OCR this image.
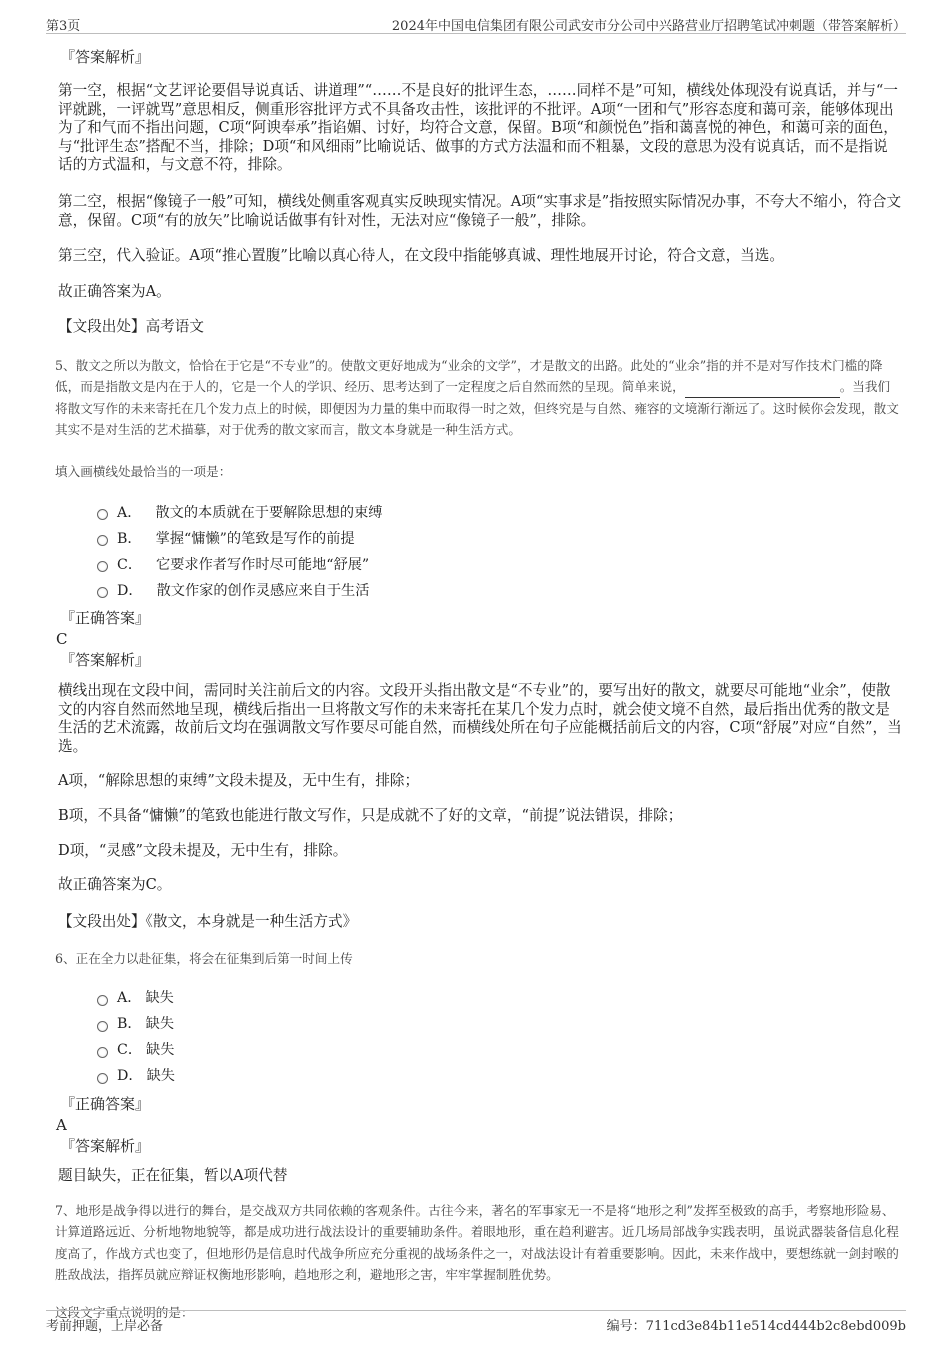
第3页	2024年中国电信集团有限公司武安市分公司中兴路营业厅招聘笔试冲刺题（带答案解析）
『答案解析』

第一空，根据“文艺评论要倡导说真话、讲道理”“……不是良好的批评生态，……同样不是”可知，横线处体现没有说真话，并与“一评就跳，一评就骂”意思相反，侧重形容批评方式不具备攻击性，该批评的不批评。A项“一团和气”形容态度和蔼可亲，能够体现出为了和气而不指出问题，C项“阿谀奉承”指谄媚、讨好，均符合文意，保留。B项“和颜悦色”指和蔼喜悦的神色，和蔼可亲的面色，与“批评生态”搭配不当，排除；D项“和风细雨”比喻说话、做事的方式方法温和而不粗暴，文段的意思为没有说真话，而不是指说话的方式温和，与文意不符，排除。

第二空，根据“像镜子一般”可知，横线处侧重客观真实反映现实情况。A项“实事求是”指按照实际情况办事，不夸大不缩小，符合文意，保留。C项“有的放矢”比喻说话做事有针对性，无法对应“像镜子一般”，排除。

第三空，代入验证。A项“推心置腹”比喻以真心待人，在文段中指能够真诚、理性地展开讨论，符合文意，当选。

故正确答案为A。

【文段出处】高考语文

5、散文之所以为散文，恰恰在于它是“不专业”的。使散文更好地成为“业余的文学”，才是散文的出路。此处的“业余”指的并不是对写作技术门槛的降低，而是指散文是内在于人的，它是一个人的学识、经历、思考达到了一定程度之后自然而然的呈现。简单来说，	。当我们将散文写作的未来寄托在几个发力点上的时候，即便因为力量的集中而取得一时之效，但终究是与自然、雍容的文境渐行渐远了。这时候你会发现，散文其实不是对生活的艺术描摹，对于优秀的散文家而言，散文本身就是一种生活方式。

填入画横线处最恰当的一项是：

A． 散文的本质就在于要解除思想的束缚
B． 掌握“慵懒”的笔致是写作的前提
C． 它要求作者写作时尽可能地“舒展”
D． 散文作家的创作灵感应来自于生活
『正确答案』
C
『答案解析』

横线出现在文段中间，需同时关注前后文的内容。文段开头指出散文是“不专业”的，要写出好的散文，就要尽可能地“业余”，使散文的内容自然而然地呈现，横线后指出一旦将散文写作的未来寄托在某几个发力点时，就会使文境不自然，最后指出优秀的散文是生活的艺术流露，故前后文均在强调散文写作要尽可能自然，而横线处所在句子应能概括前后文的内容，C项“舒展”对应“自然”，当选。

A项，“解除思想的束缚”文段未提及，无中生有，排除；

B项，不具备“慵懒”的笔致也能进行散文写作，只是成就不了好的文章，“前提”说法错误，排除；

D项，“灵感”文段未提及，无中生有，排除。

故正确答案为C。

【文段出处】《散文，本身就是一种生活方式》

6、正在全力以赴征集，将会在征集到后第一时间上传

A． 缺失
B． 缺失
C． 缺失
D． 缺失
『正确答案』
A
『答案解析』

题目缺失，正在征集，暂以A项代替

7、地形是战争得以进行的舞台，是交战双方共同依赖的客观条件。古往今来，著名的军事家无一不是将“地形之利”发挥至极致的高手，考察地形险易、计算道路远近、分析地物地貌等，都是成功进行战法设计的重要辅助条件。着眼地形，重在趋利避害。近几场局部战争实践表明，虽说武器装备信息化程度高了，作战方式也变了，但地形仍是信息时代战争所应充分重视的战场条件之一，对战法设计有着重要影响。因此，未来作战中，要想练就一剑封喉的胜敌战法，指挥员就应辩证权衡地形影响，趋地形之利，避地形之害，牢牢掌握制胜优势。

这段文字重点说明的是：

考前押题，上岸必备	编号：711cd3e84b11e514cd444b2c8ebd009b
